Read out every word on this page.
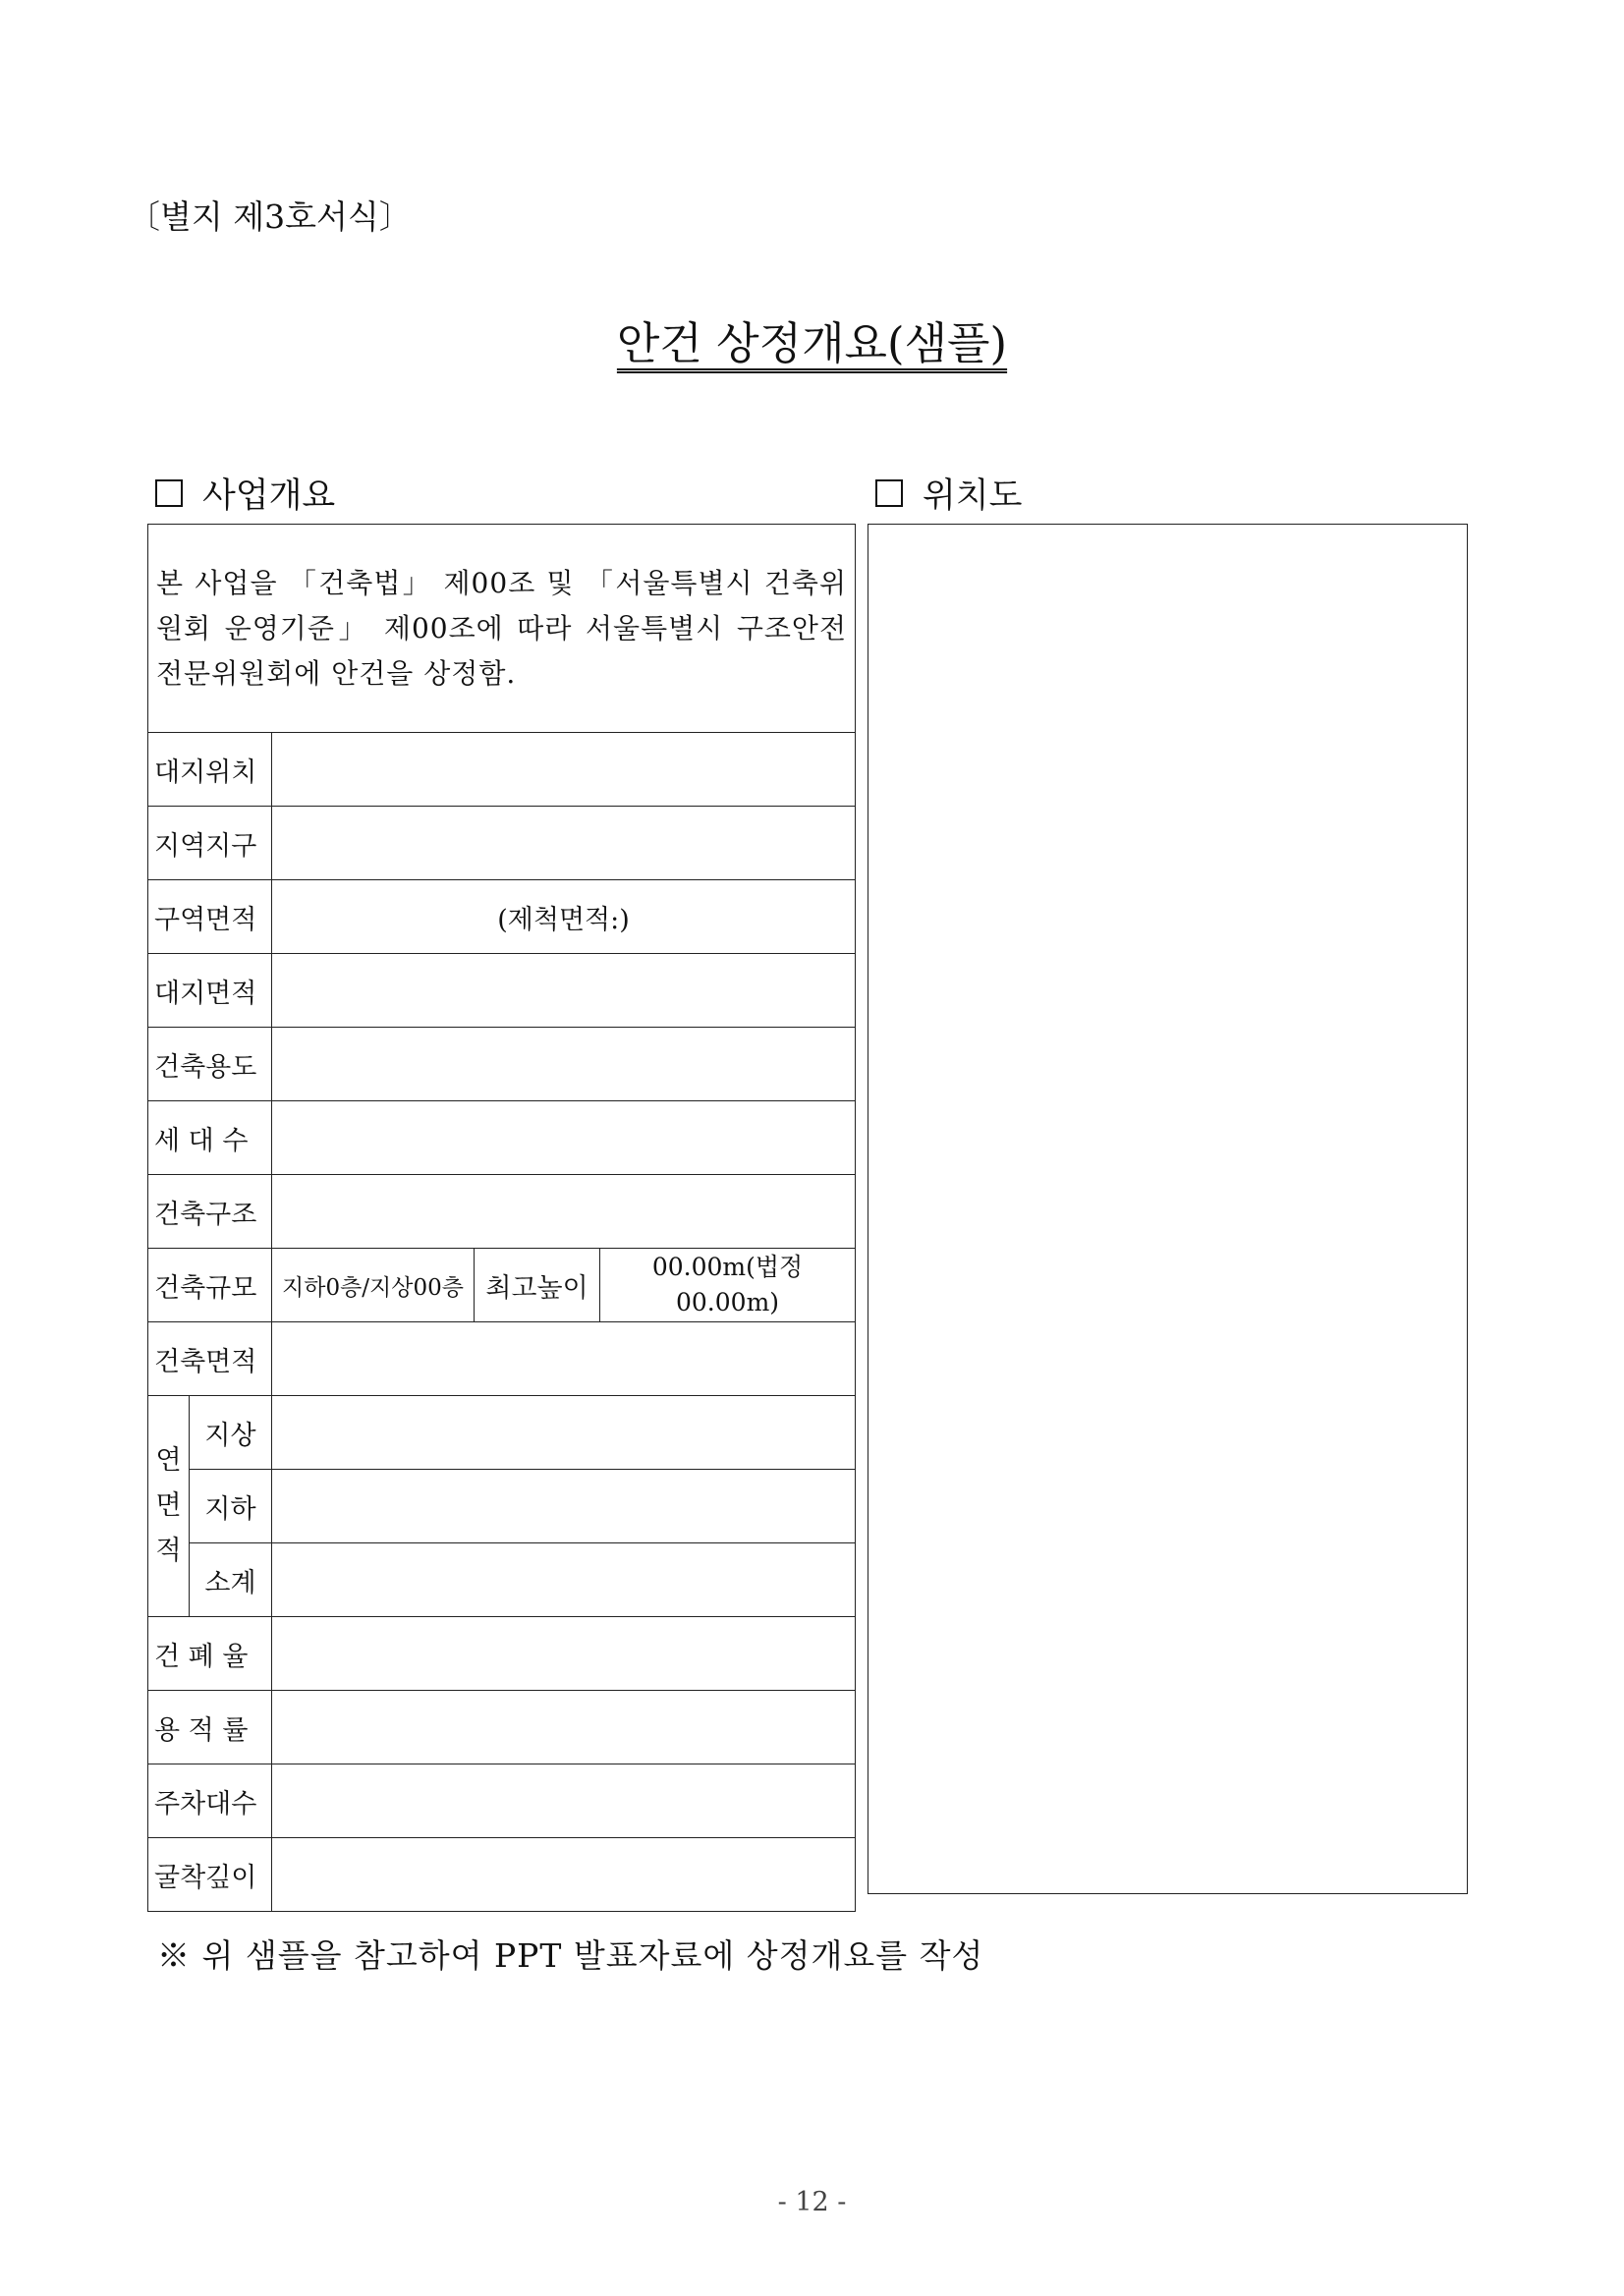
〔별지 제3호서식〕
안건 상정개요(샘플)
사업개요	위치도
본 사업을 「건축법」 제00조 및 「서울특별시 건축위원회 운영기준」 제00조에 따라 서울특별시 구조안전 전문위원회에 안건을 상정함.				
대지위치				
지역지구				
구역면적		(제척면적:)		
대지면적				
건축용도				
세 대 수				
건축구조				
건축규모		지하0층/지상00층	최고높이	00.00m(법정00.00m)
건축면적				
연면적	지상			
	지하			
	소계			
건 폐 율				
용 적 률				
주차대수				
굴착깊이				
※ 위 샘플을 참고하여 PPT 발표자료에 상정개요를 작성
- 12 -
